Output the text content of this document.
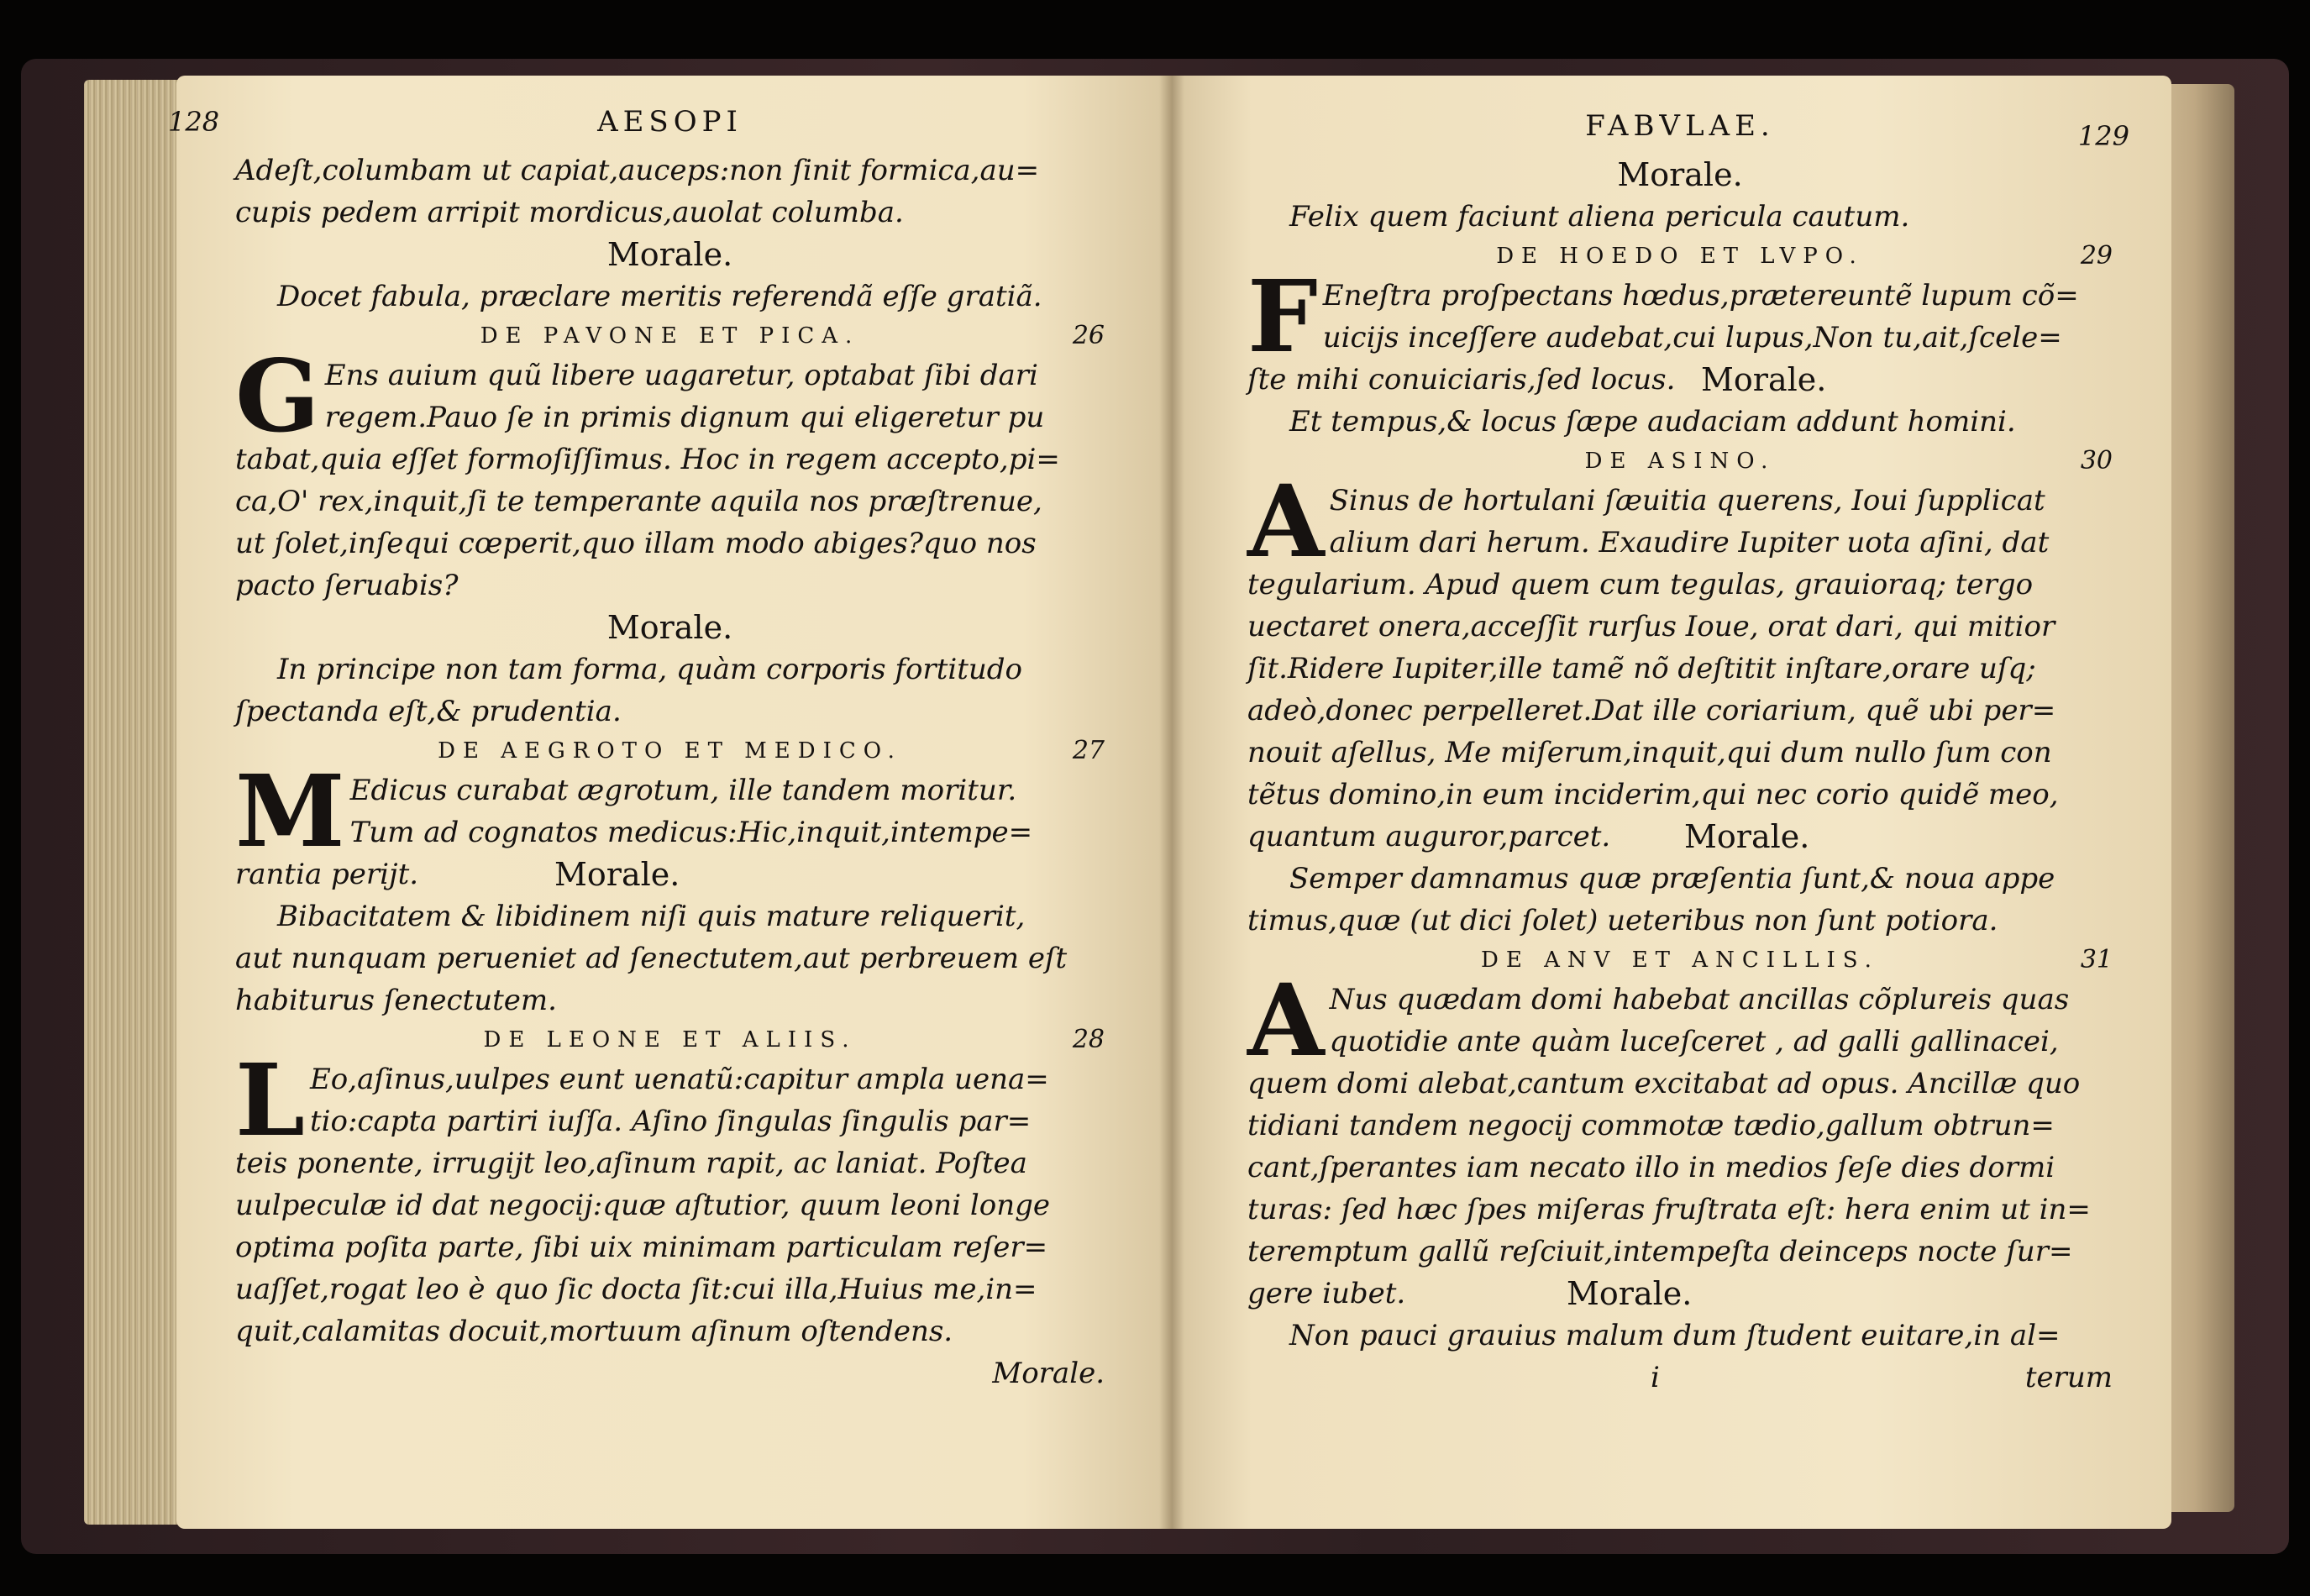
128	AESOPI
Adeſt,columbam ut capiat,auceps:non ſinit formica,au=
cupis pedem arripit mordicus,auolat columba.
Morale.
Docet fabula, præclare meritis referendã eſſe gratiã.
DE PAVONE ET PICA.	26
G Ens auium quũ libere uagaretur, optabat ſibi dari
regem.Pauo ſe in primis dignum qui eligeretur pu
tabat,quia eſſet formoſiſſimus. Hoc in regem accepto,pi=
ca,O' rex,inquit,ſi te temperante aquila nos præſtrenue,
ut ſolet,inſequi cœperit,quo illam modo abiges?quo nos
pacto ſeruabis?
Morale.
In principe non tam forma, quàm corporis fortitudo
ſpectanda eſt,& prudentia.
DE AEGROTO ET MEDICO.	27
M Edicus curabat ægrotum, ille tandem moritur.
Tum ad cognatos medicus:Hic,inquit,intempe=
rantia perijt.	Morale.
Bibacitatem & libidinem niſi quis mature reliquerit,
aut nunquam perueniet ad ſenectutem,aut perbreuem eſt
habiturus ſenectutem.
DE LEONE ET ALIIS.	28
L Eo,aſinus,uulpes eunt uenatũ:capitur ampla uena=
tio:capta partiri iuſſa. Aſino ſingulas ſingulis par=
teis ponente, irrugijt leo,aſinum rapit, ac laniat. Poſtea
uulpeculæ id dat negocij:quæ aſtutior, quum leoni longe
optima poſita parte, ſibi uix minimam particulam reſer=
uaſſet,rogat leo è quo ſic docta ſit:cui illa,Huius me,in=
quit,calamitas docuit,mortuum aſinum oſtendens.
Morale.
FABVLAE.	129
Morale.
Felix quem faciunt aliena pericula cautum.
DE HOEDO ET LVPO.	29
F Eneſtra proſpectans hœdus,prætereuntẽ lupum cõ=
uicijs inceſſere audebat,cui lupus,Non tu,ait,ſcele=
ſte mihi conuiciaris,ſed locus. Morale.
Et tempus,& locus ſæpe audaciam addunt homini.
DE ASINO.	30
A Sinus de hortulani ſæuitia querens, Ioui ſupplicat
alium dari herum. Exaudire Iupiter uota aſini, dat
tegularium. Apud quem cum tegulas, grauioraq; tergo
uectaret onera,acceſſit rurſus Ioue, orat dari, qui mitior
ſit.Ridere Iupiter,ille tamẽ nõ deſtitit inſtare,orare uſq;
adeò,donec perpelleret.Dat ille coriarium, quẽ ubi per=
nouit aſellus, Me miſerum,inquit,qui dum nullo ſum con
tẽtus domino,in eum inciderim,qui nec corio quidẽ meo,
quantum auguror,parcet. Morale.
Semper damnamus quæ præſentia ſunt,& noua appe
timus,quæ (ut dici ſolet) ueteribus non ſunt potiora.
DE ANV ET ANCILLIS.	31
A Nus quædam domi habebat ancillas cõplureis quas
quotidie ante quàm luceſceret , ad galli gallinacei,
quem domi alebat,cantum excitabat ad opus. Ancillæ quo
tidiani tandem negocij commotæ tædio,gallum obtrun=
cant,ſperantes iam necato illo in medios ſeſe dies dormi
turas: ſed hæc ſpes miſeras fruſtrata eſt: hera enim ut in=
teremptum gallũ reſciuit,intempeſta deinceps nocte ſur=
gere iubet.	Morale.
Non pauci grauius malum dum ſtudent euitare,in al=
i	terum
